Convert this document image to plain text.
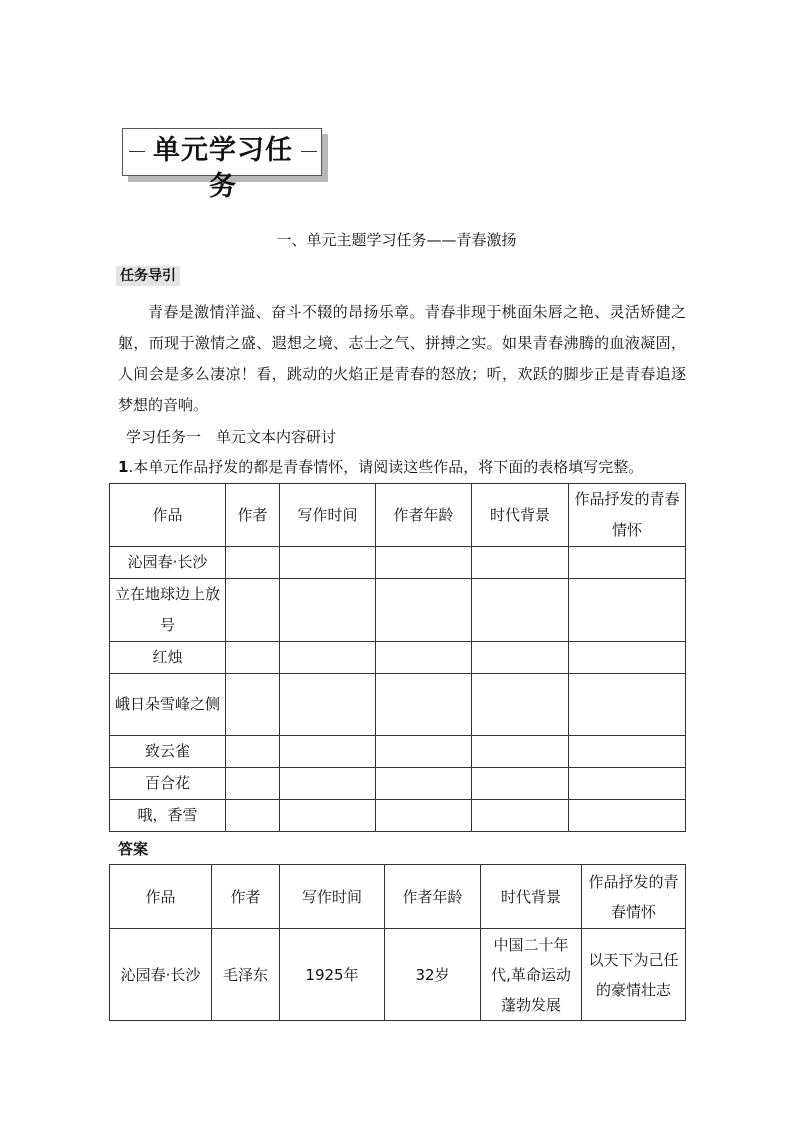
单元学习任务
一、单元主题学习任务——青春激扬
任务导引

青春是激情洋溢、奋斗不辍的昂扬乐章。青春非现于桃面朱唇之艳、灵活矫健之躯，而现于激情之盛、遐想之境、志士之气、拼搏之实。如果青春沸腾的血液凝固，人间会是多么凄凉！看，跳动的火焰正是青春的怒放；听，欢跃的脚步正是青春追逐梦想的音响。

学习任务一　单元文本内容研讨
1.本单元作品抒发的都是青春情怀，请阅读这些作品，将下面的表格填写完整。
作品	作者	写作时间	作者年龄	时代背景	作品抒发的青春情怀
沁园春·长沙					
立在地球边上放号					
红烛					
峨日朵雪峰之侧					
致云雀					
百合花					
哦，香雪					
答案
作品	作者	写作时间	作者年龄	时代背景	作品抒发的青春情怀
沁园春·长沙	毛泽东	1925年	32岁	中国二十年代,革命运动蓬勃发展	以天下为己任的豪情壮志
